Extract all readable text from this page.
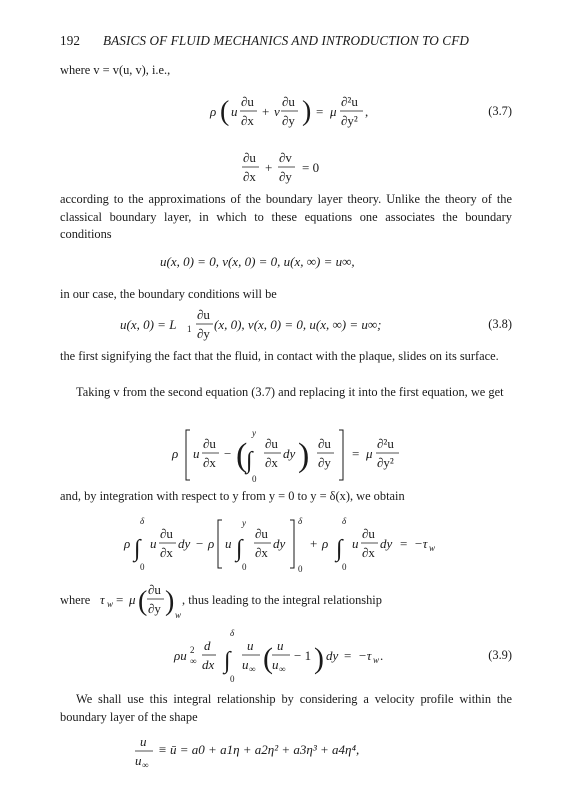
192 BASICS OF FLUID MECHANICS AND INTRODUCTION TO CFD
where v = v(u, v), i.e.,
ρ ( u
∂u
∂x
+ v
∂u
∂y ) = μ
∂²u
∂y²
,	(3.7)
∂u
∂x
+
∂v
∂y
= 0
according to the approximations of the boundary layer theory. Unlike the theory of the classical boundary layer, in which to these equations one associates the boundary conditions
u(x, 0) = 0, v(x, 0) = 0, u(x, ∞) = u∞,
in our case, the boundary conditions will be
u(x, 0) = L 1
∂u
∂y
(x, 0), v(x, 0) = 0, u(x, ∞) = u∞;	(3.8)
the first signifying the fact that the fluid, in contact with the plaque, slides on its surface.
Taking v from the second equation (3.7) and replacing it into the first equation, we get
ρ u
∂u
∂x
− (
y
∫
0
∂u
∂x
dy ) ∂u
∂y
= μ
∂²u
∂y²
and, by integration with respect to y from y = 0 to y = δ(x), we obtain
ρ
δ
∫
0
u
∂u
∂x
dy − ρ u
y
∫
0
∂u
∂x
dy
δ
0
+ ρ
δ
∫
0
u
∂u
∂x
dy = −τ w
where τ w = μ ( ∂u
∂y ) w
, thus leading to the integral relationship
ρu 2
∞
d
dx
δ
∫
0
u
u ∞ ( u
u ∞
− 1 ) dy = −τ w .	(3.9)
We shall use this integral relationship by considering a velocity profile within the boundary layer of the shape
u
u ∞
≡ ū = a0 + a1η + a2η² + a3η³ + a4η⁴,
